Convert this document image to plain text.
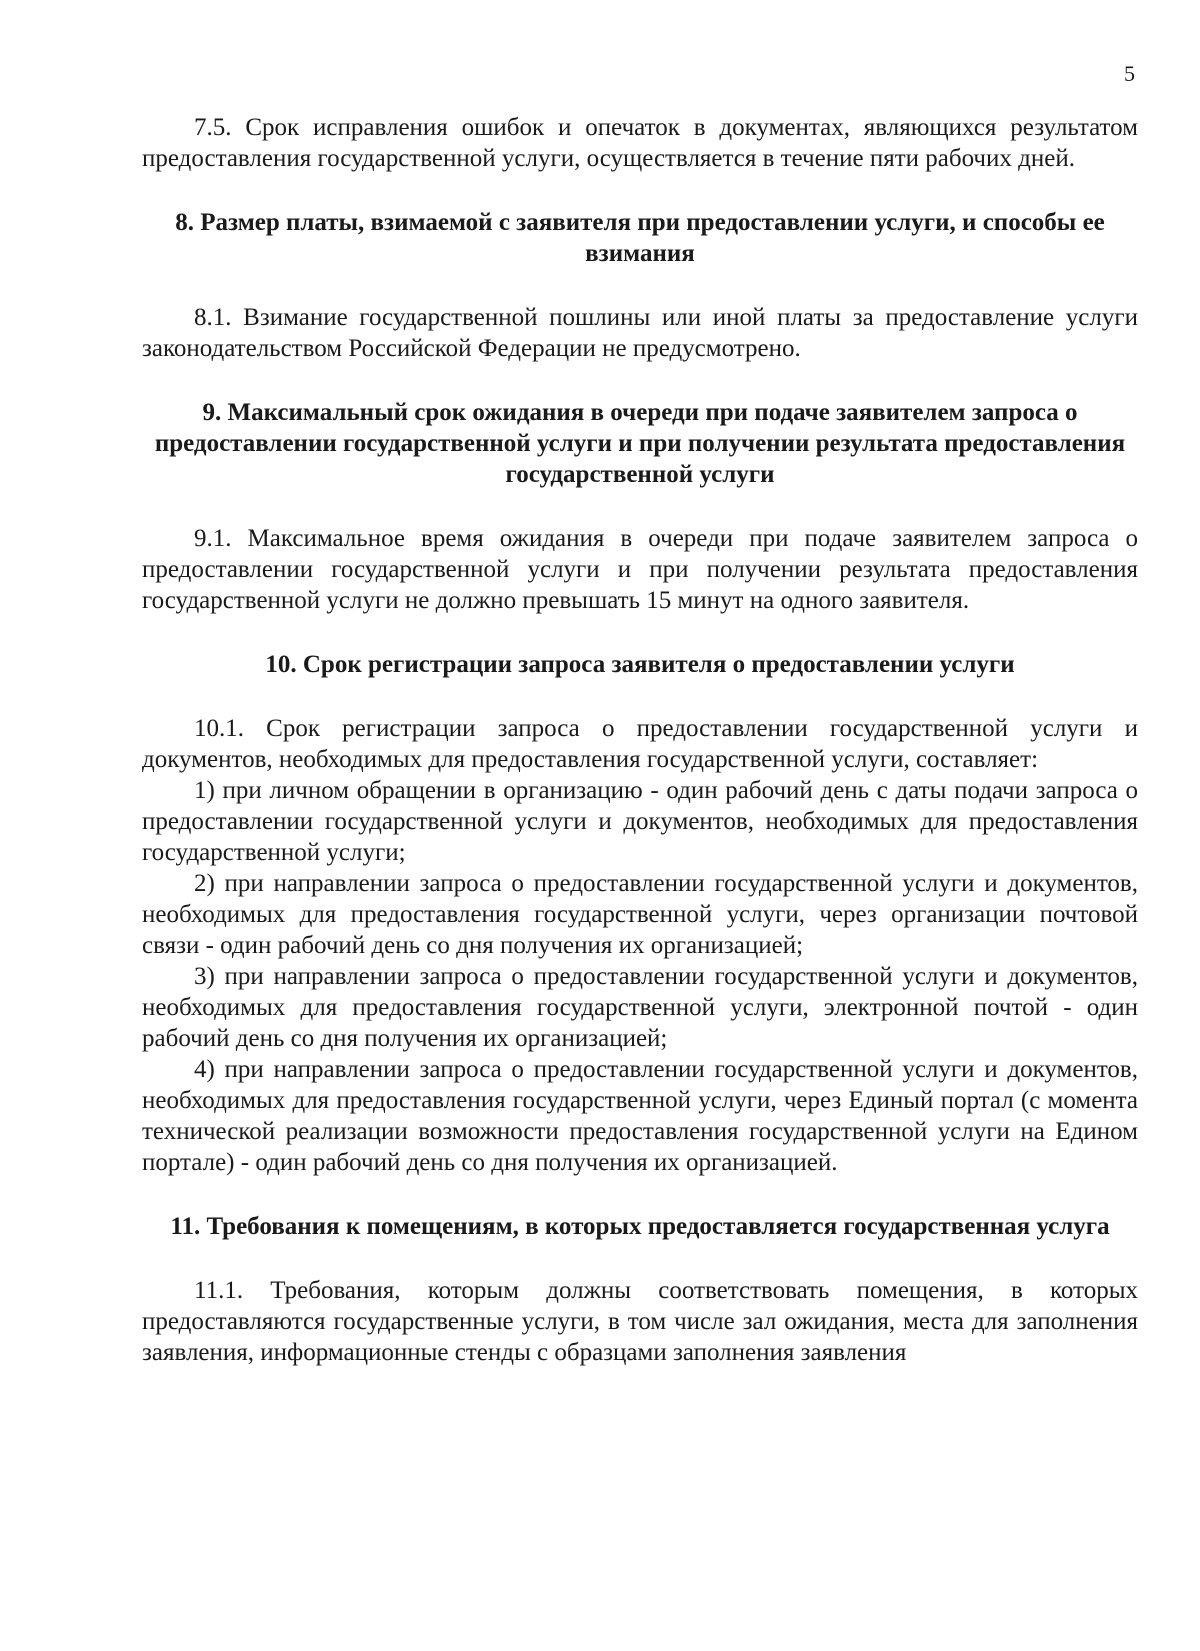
5

7.5. Срок исправления ошибок и опечаток в документах, являющихся результатом предоставления государственной услуги, осуществляется в течение пяти рабочих дней.

8. Размер платы, взимаемой с заявителя при предоставлении услуги, и способы ее взимания

8.1. Взимание государственной пошлины или иной платы за предоставление услуги законодательством Российской Федерации не предусмотрено.

9. Максимальный срок ожидания в очереди при подаче заявителем запроса о предоставлении государственной услуги и при получении результата предоставления государственной услуги

9.1. Максимальное время ожидания в очереди при подаче заявителем запроса о предоставлении государственной услуги и при получении результата предоставления государственной услуги не должно превышать 15 минут на одного заявителя.

10. Срок регистрации запроса заявителя о предоставлении услуги

10.1. Срок регистрации запроса о предоставлении государственной услуги и документов, необходимых для предоставления государственной услуги, составляет:

1) при личном обращении в организацию - один рабочий день с даты подачи запроса о предоставлении государственной услуги и документов, необходимых для предоставления государственной услуги;

2) при направлении запроса о предоставлении государственной услуги и документов, необходимых для предоставления государственной услуги, через организации почтовой связи - один рабочий день со дня получения их организацией;

3) при направлении запроса о предоставлении государственной услуги и документов, необходимых для предоставления государственной услуги, электронной почтой - один рабочий день со дня получения их организацией;

4) при направлении запроса о предоставлении государственной услуги и документов, необходимых для предоставления государственной услуги, через Единый портал (с момента технической реализации возможности предоставления государственной услуги на Едином портале) - один рабочий день со дня получения их организацией.

11. Требования к помещениям, в которых предоставляется государственная услуга

11.1. Требования, которым должны соответствовать помещения, в которых предоставляются государственные услуги, в том числе зал ожидания, места для заполнения заявления, информационные стенды с образцами заполнения заявления
